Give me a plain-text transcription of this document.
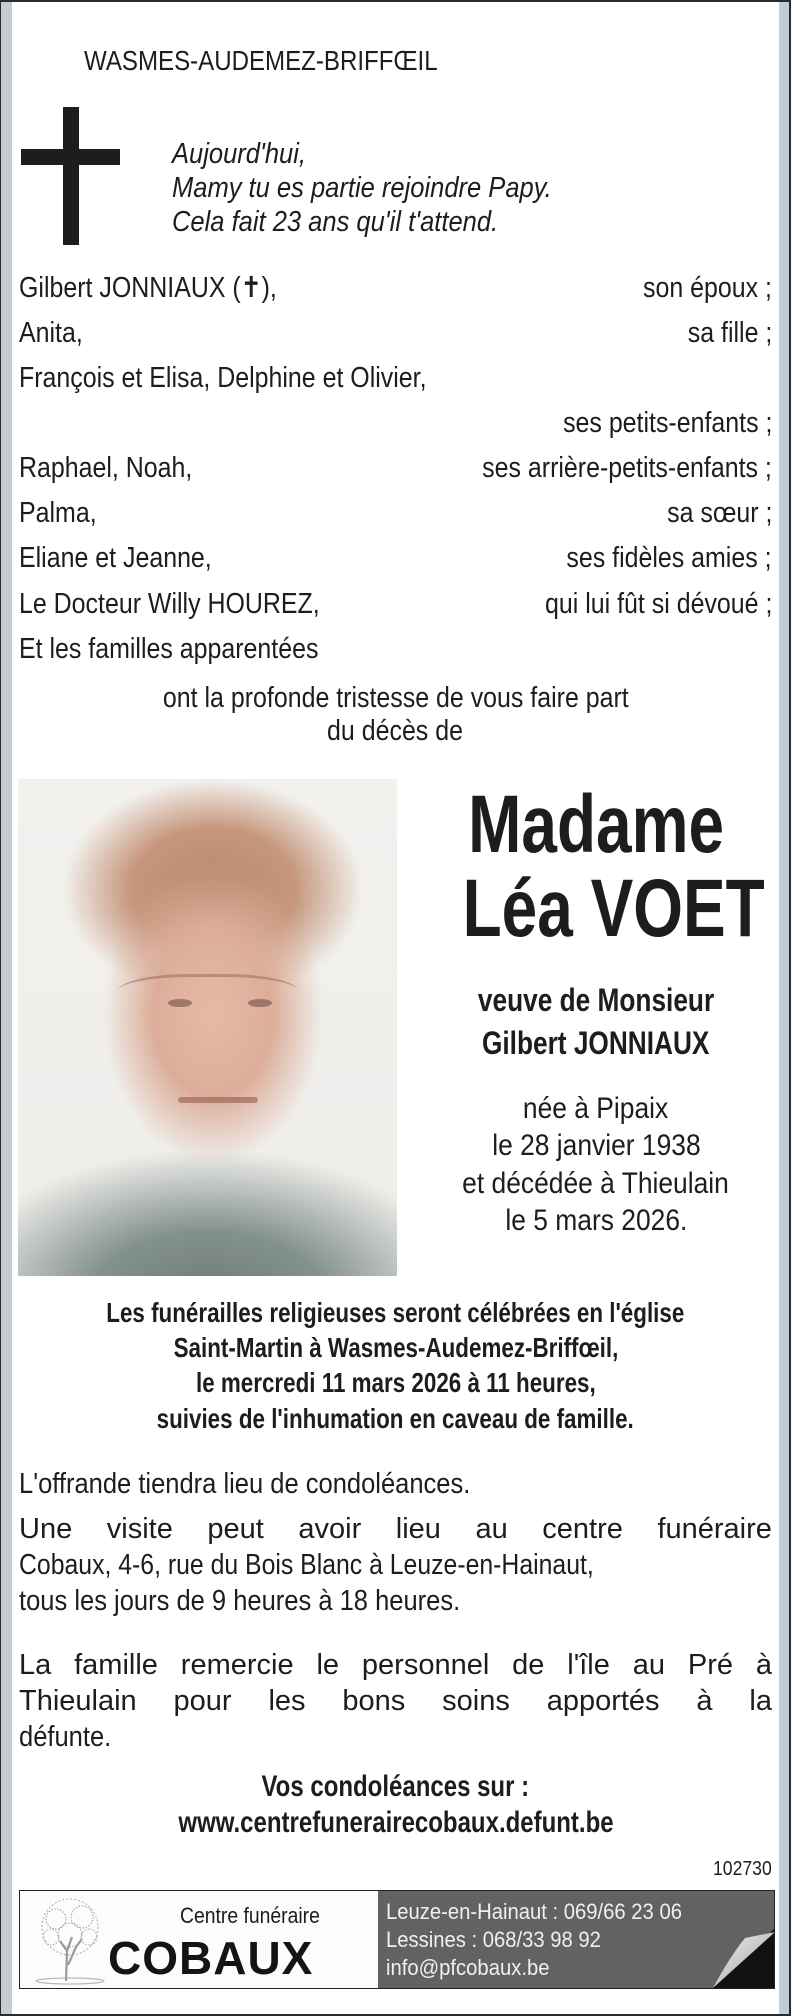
WASMES-AUDEMEZ-BRIFFŒIL
Aujourd'hui,
Mamy tu es partie rejoindre Papy.
Cela fait 23 ans qu'il t'attend.
Gilbert JONNIAUX (✝),	son époux ;
Anita,	sa fille ;
François et Elisa, Delphine et Olivier,
ses petits-enfants ;
Raphael, Noah,	ses arrière-petits-enfants ;
Palma,	sa sœur ;
Eliane et Jeanne,	ses fidèles amies ;
Le Docteur Willy HOUREZ,	qui lui fût si dévoué ;
Et les familles apparentées
ont la profonde tristesse de vous faire part
du décès de
Madame
Léa VOET
veuve de Monsieur
Gilbert JONNIAUX
née à Pipaix
le 28 janvier 1938
et décédée à Thieulain
le 5 mars 2026.
Les funérailles religieuses seront célébrées en l'église
Saint-Martin à Wasmes-Audemez-Briffœil,
le mercredi 11 mars 2026 à 11 heures,
suivies de l'inhumation en caveau de famille.
L'offrande tiendra lieu de condoléances.
Une visite peut avoir lieu au centre funéraire
Cobaux, 4-6, rue du Bois Blanc à Leuze-en-Hainaut,
tous les jours de 9 heures à 18 heures.
La famille remercie le personnel de l'île au Pré à
Thieulain pour les bons soins apportés à la
défunte.
Vos condoléances sur :
www.centrefunerairecobaux.defunt.be
102730
Centre funéraire
COBAUX
Leuze-en-Hainaut : 069/66 23 06
Lessines : 068/33 98 92
info@pfcobaux.be
